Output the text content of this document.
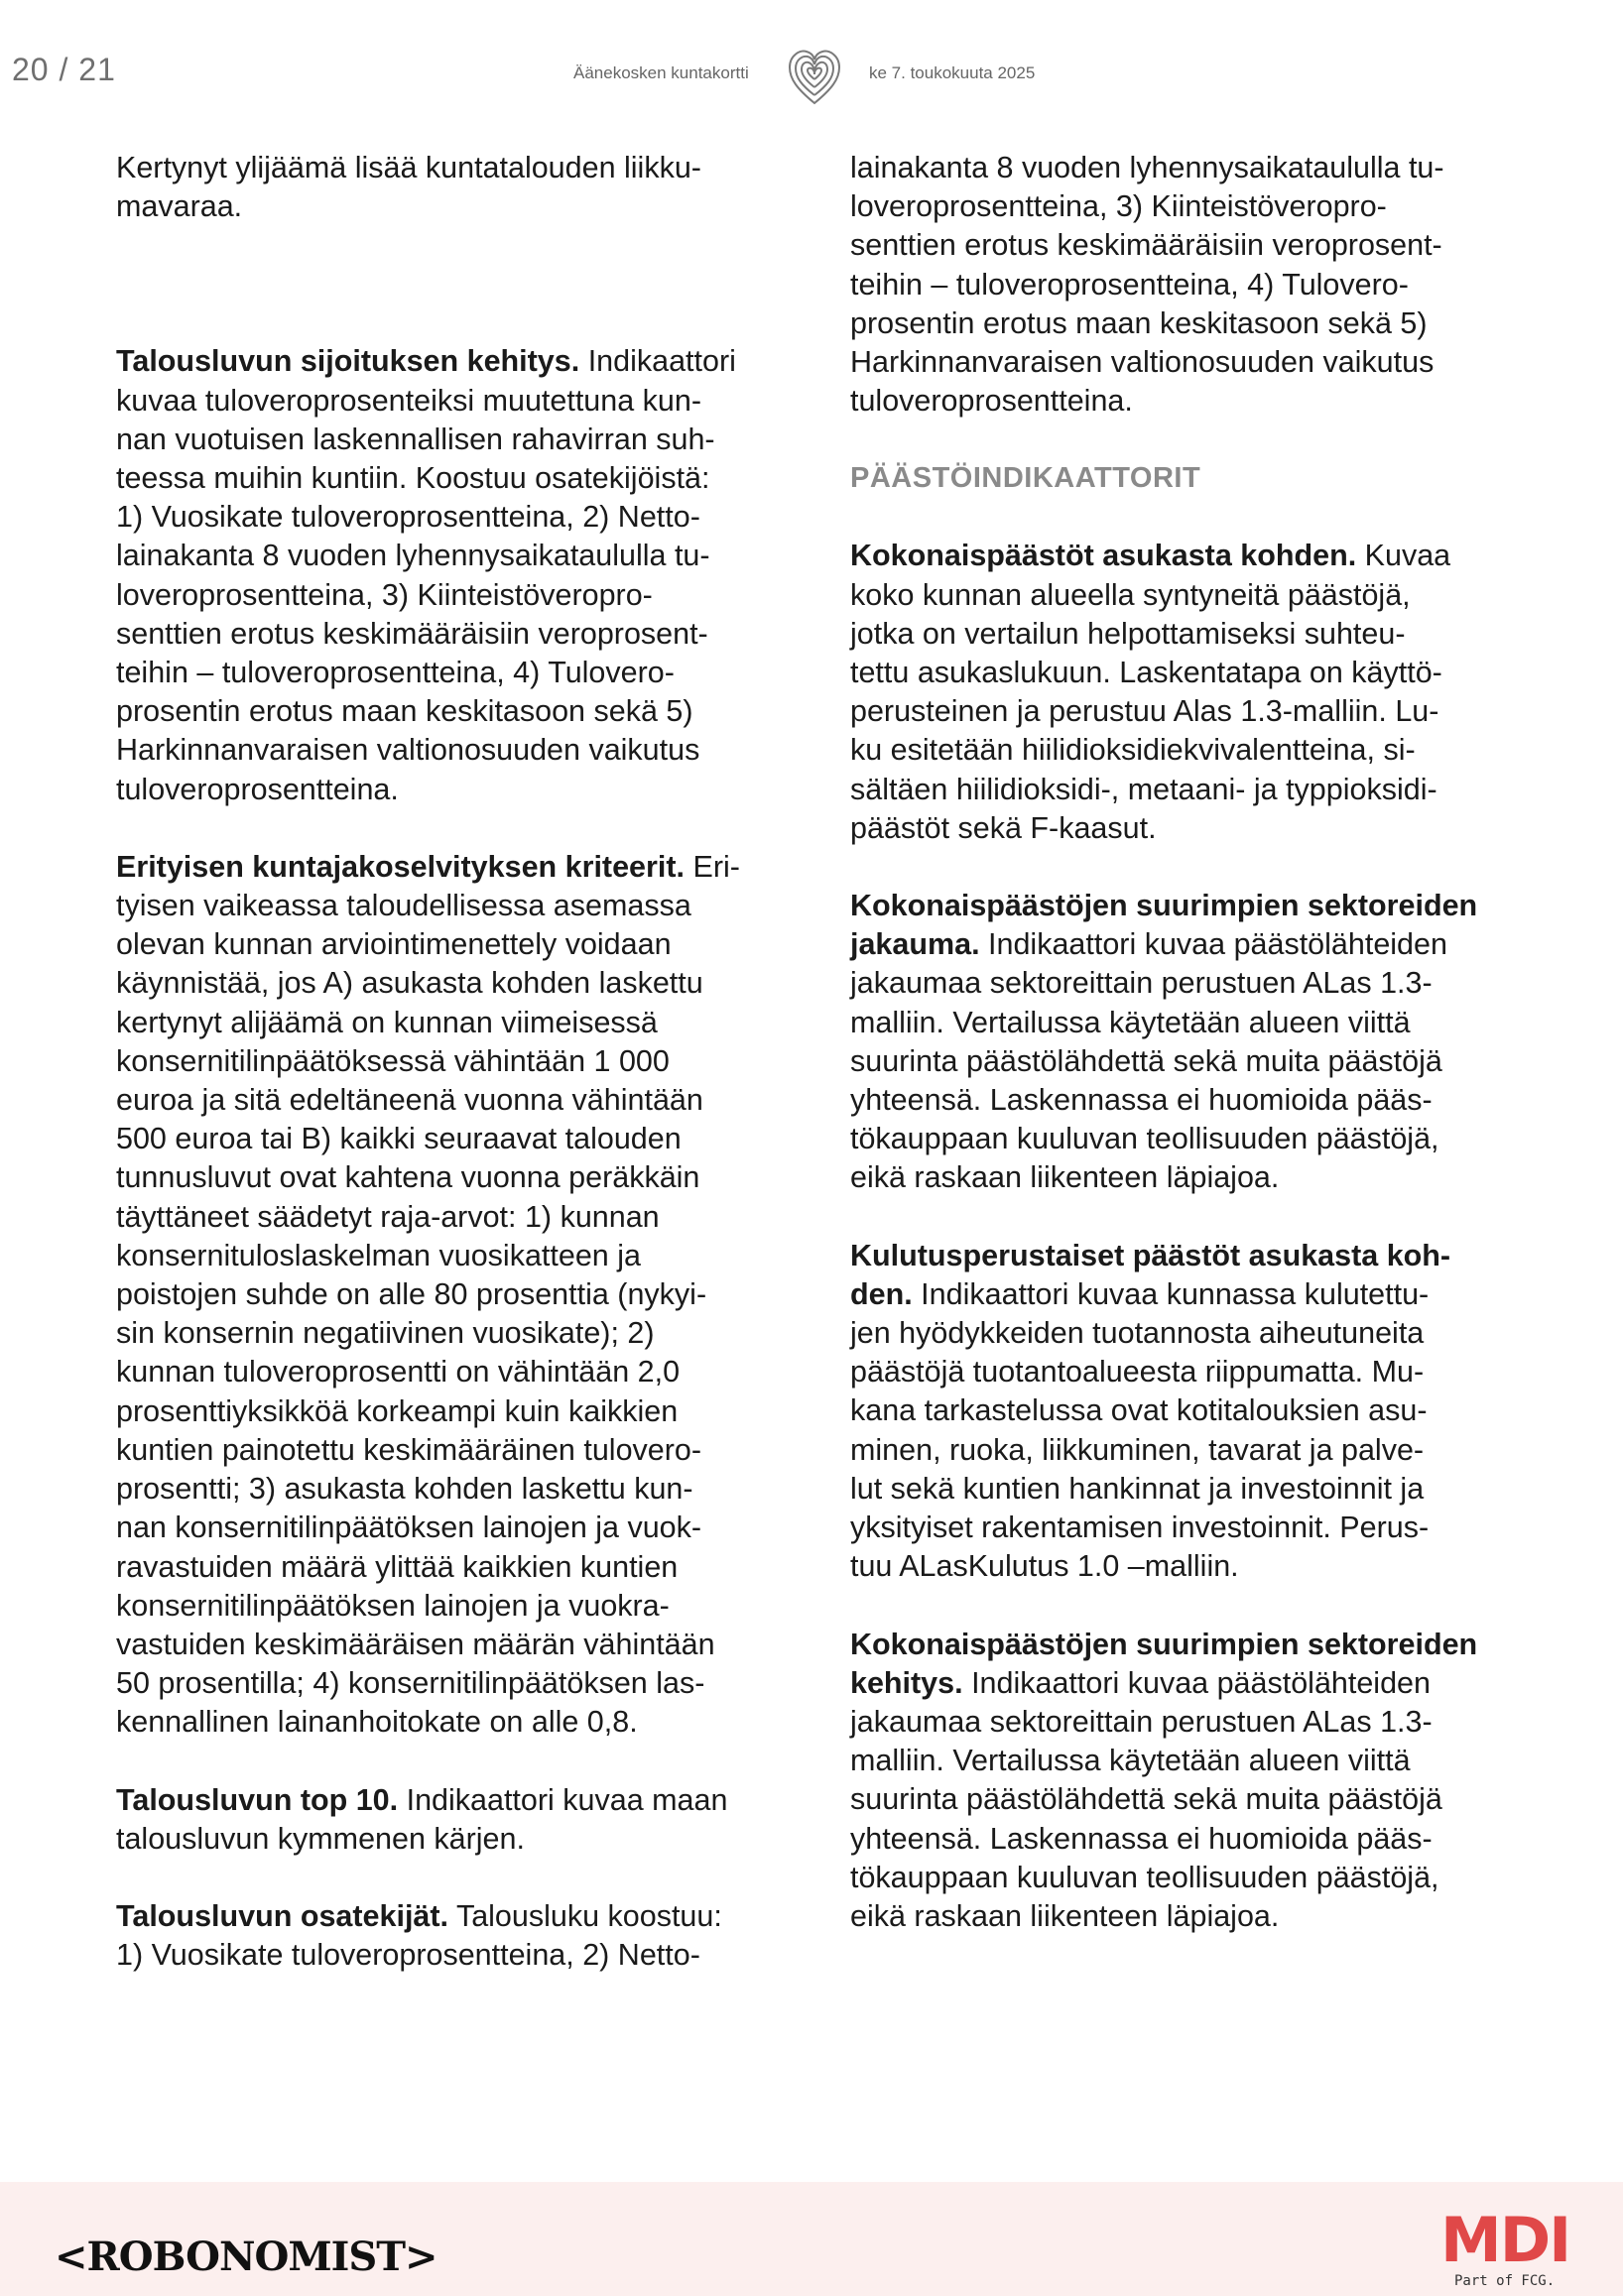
20 / 21	Äänekosken kuntakortti	ke 7. toukokuuta 2025

Kertynyt ylijäämä lisää kuntatalouden liikku-
mavaraa.

Talousluvun sijoituksen kehitys. Indikaattori
kuvaa tuloveroprosenteiksi muutettuna kun-
nan vuotuisen laskennallisen rahavirran suh-
teessa muihin kuntiin. Koostuu osatekijöistä:
1) Vuosikate tuloveroprosentteina, 2) Netto-
lainakanta 8 vuoden lyhennysaikataululla tu-
loveroprosentteina, 3) Kiinteistöveropro-
senttien erotus keskimääräisiin veroprosent-
teihin – tuloveroprosentteina, 4) Tulovero-
prosentin erotus maan keskitasoon sekä 5)
Harkinnanvaraisen valtionosuuden vaikutus
tuloveroprosentteina.

Erityisen kuntajakoselvityksen kriteerit. Eri-
tyisen vaikeassa taloudellisessa asemassa
olevan kunnan arviointimenettely voidaan
käynnistää, jos A) asukasta kohden laskettu
kertynyt alijäämä on kunnan viimeisessä
konsernitilinpäätöksessä vähintään 1 000
euroa ja sitä edeltäneenä vuonna vähintään
500 euroa tai B) kaikki seuraavat talouden
tunnusluvut ovat kahtena vuonna peräkkäin
täyttäneet säädetyt raja-arvot: 1) kunnan
konsernituloslaskelman vuosikatteen ja
poistojen suhde on alle 80 prosenttia (nykyi-
sin konsernin negatiivinen vuosikate); 2)
kunnan tuloveroprosentti on vähintään 2,0
prosenttiyksikköä korkeampi kuin kaikkien
kuntien painotettu keskimääräinen tulovero-
prosentti; 3) asukasta kohden laskettu kun-
nan konsernitilinpäätöksen lainojen ja vuok-
ravastuiden määrä ylittää kaikkien kuntien
konsernitilinpäätöksen lainojen ja vuokra-
vastuiden keskimääräisen määrän vähintään
50 prosentilla; 4) konsernitilinpäätöksen las-
kennallinen lainanhoitokate on alle 0,8.

Talousluvun top 10. Indikaattori kuvaa maan
talousluvun kymmenen kärjen.

Talousluvun osatekijät. Talousluku koostuu:
1) Vuosikate tuloveroprosentteina, 2) Netto-

lainakanta 8 vuoden lyhennysaikataululla tu-
loveroprosentteina, 3) Kiinteistöveropro-
senttien erotus keskimääräisiin veroprosent-
teihin – tuloveroprosentteina, 4) Tulovero-
prosentin erotus maan keskitasoon sekä 5)
Harkinnanvaraisen valtionosuuden vaikutus
tuloveroprosentteina.

PÄÄSTÖINDIKAATTORIT

Kokonaispäästöt asukasta kohden. Kuvaa
koko kunnan alueella syntyneitä päästöjä,
jotka on vertailun helpottamiseksi suhteu-
tettu asukaslukuun. Laskentatapa on käyttö-
perusteinen ja perustuu Alas 1.3-malliin. Lu-
ku esitetään hiilidioksidiekvivalentteina, si-
sältäen hiilidioksidi-, metaani- ja typpioksidi-
päästöt sekä F-kaasut.

Kokonaispäästöjen suurimpien sektoreiden
jakauma. Indikaattori kuvaa päästölähteiden
jakaumaa sektoreittain perustuen ALas 1.3-
malliin. Vertailussa käytetään alueen viittä
suurinta päästölähdettä sekä muita päästöjä
yhteensä. Laskennassa ei huomioida pääs-
tökauppaan kuuluvan teollisuuden päästöjä,
eikä raskaan liikenteen läpiajoa.

Kulutusperustaiset päästöt asukasta koh-
den. Indikaattori kuvaa kunnassa kulutettu-
jen hyödykkeiden tuotannosta aiheutuneita
päästöjä tuotantoalueesta riippumatta. Mu-
kana tarkastelussa ovat kotitalouksien asu-
minen, ruoka, liikkuminen, tavarat ja palve-
lut sekä kuntien hankinnat ja investoinnit ja
yksityiset rakentamisen investoinnit. Perus-
tuu ALasKulutus 1.0 –malliin.

Kokonaispäästöjen suurimpien sektoreiden
kehitys. Indikaattori kuvaa päästölähteiden
jakaumaa sektoreittain perustuen ALas 1.3-
malliin. Vertailussa käytetään alueen viittä
suurinta päästölähdettä sekä muita päästöjä
yhteensä. Laskennassa ei huomioida pääs-
tökauppaan kuuluvan teollisuuden päästöjä,
eikä raskaan liikenteen läpiajoa.

<ROBONOMIST>	MDI
Part of FCG.
